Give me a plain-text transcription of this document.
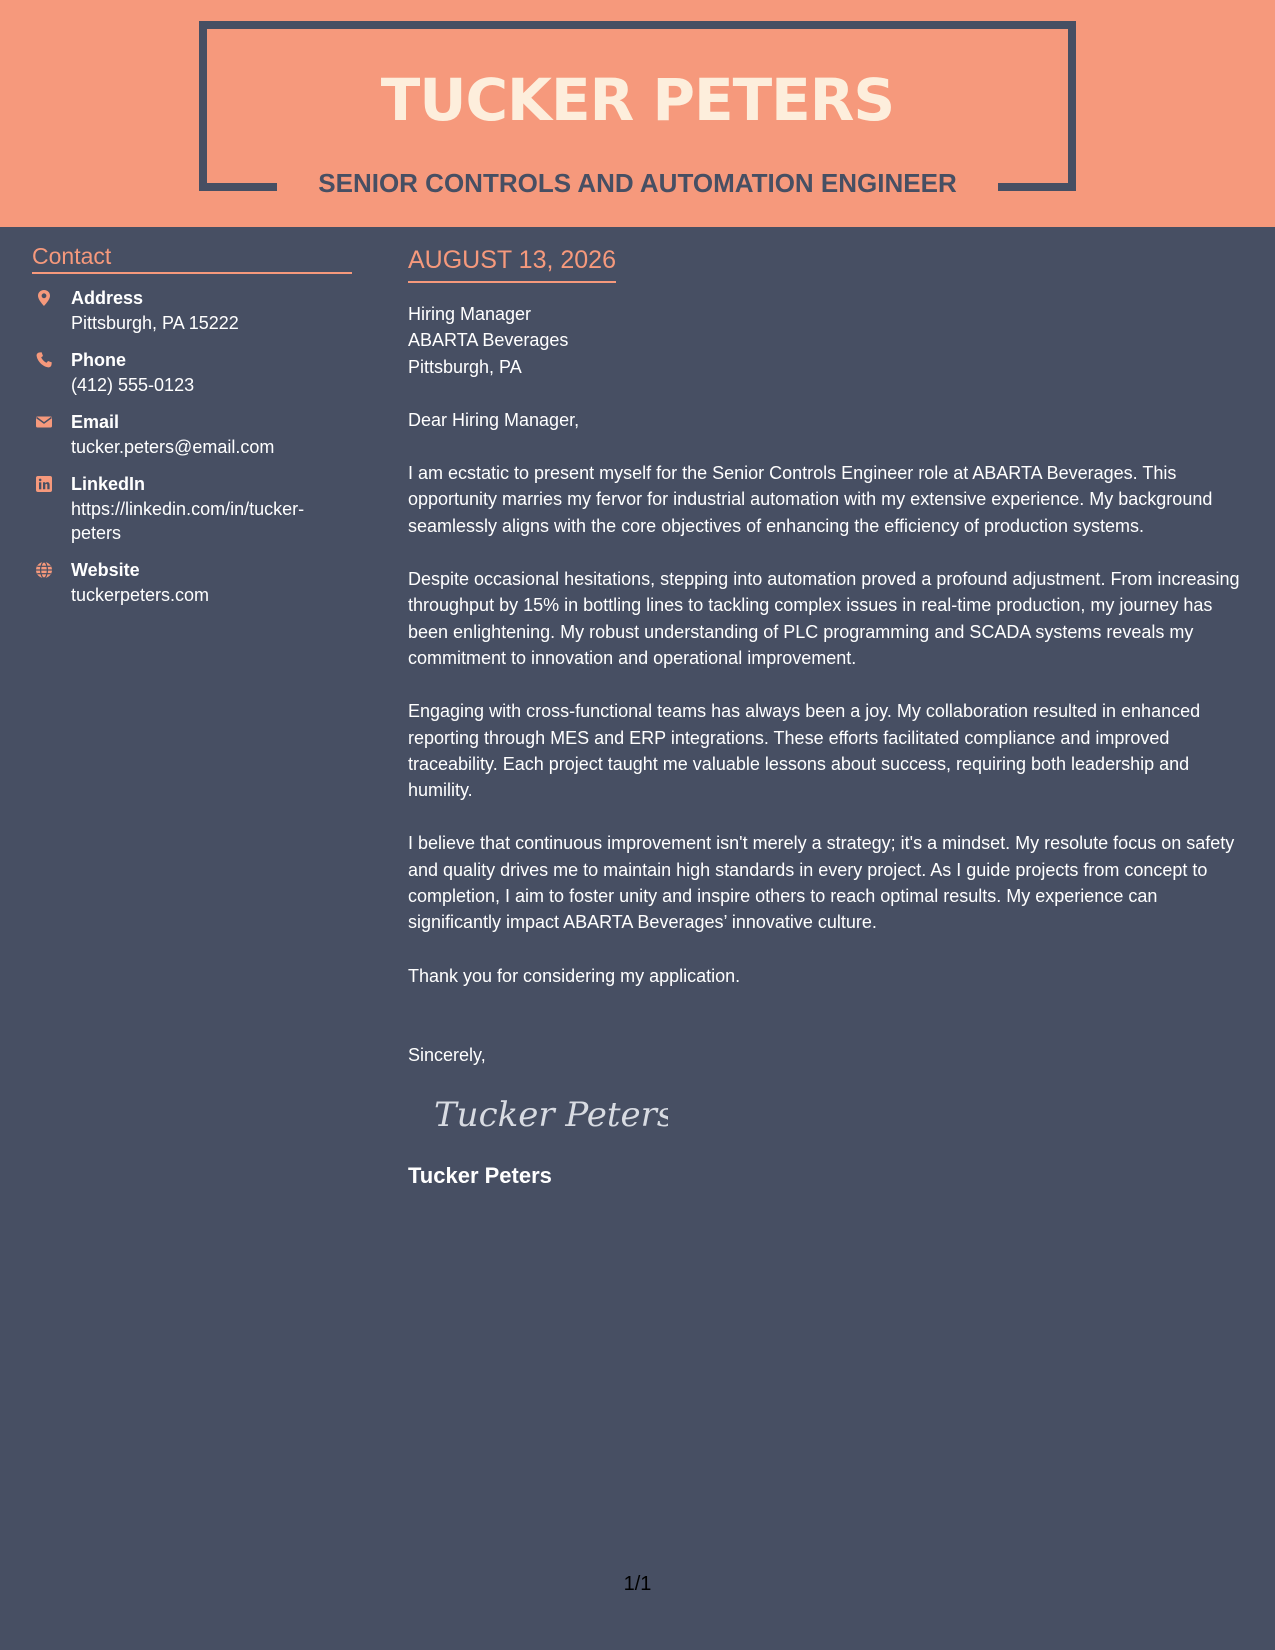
TUCKER PETERS
SENIOR CONTROLS AND AUTOMATION ENGINEER
Contact
Address
Pittsburgh, PA 15222
Phone
(412) 555-0123
Email
tucker.peters@email.com
LinkedIn
https://linkedin.com/in/tucker-
peters
Website
tuckerpeters.com
AUGUST 13, 2026
Hiring Manager
ABARTA Beverages
Pittsburgh, PA
Dear Hiring Manager,
I am ecstatic to present myself for the Senior Controls Engineer role at ABARTA Beverages. This opportunity marries my fervor for industrial automation with my extensive experience. My background seamlessly aligns with the core objectives of enhancing the efficiency of production systems.
Despite occasional hesitations, stepping into automation proved a profound adjustment. From increasing throughput by 15% in bottling lines to tackling complex issues in real-time production, my journey has been enlightening. My robust understanding of PLC programming and SCADA systems reveals my commitment to innovation and operational improvement.
Engaging with cross-functional teams has always been a joy. My collaboration resulted in enhanced reporting through MES and ERP integrations. These efforts facilitated compliance and improved traceability. Each project taught me valuable lessons about success, requiring both leadership and humility.
I believe that continuous improvement isn't merely a strategy; it's a mindset. My resolute focus on safety and quality drives me to maintain high standards in every project. As I guide projects from concept to completion, I aim to foster unity and inspire others to reach optimal results. My experience can significantly impact ABARTA Beverages’ innovative culture.
Thank you for considering my application.
Sincerely,
Tucker Peters
Tucker Peters
1/1
